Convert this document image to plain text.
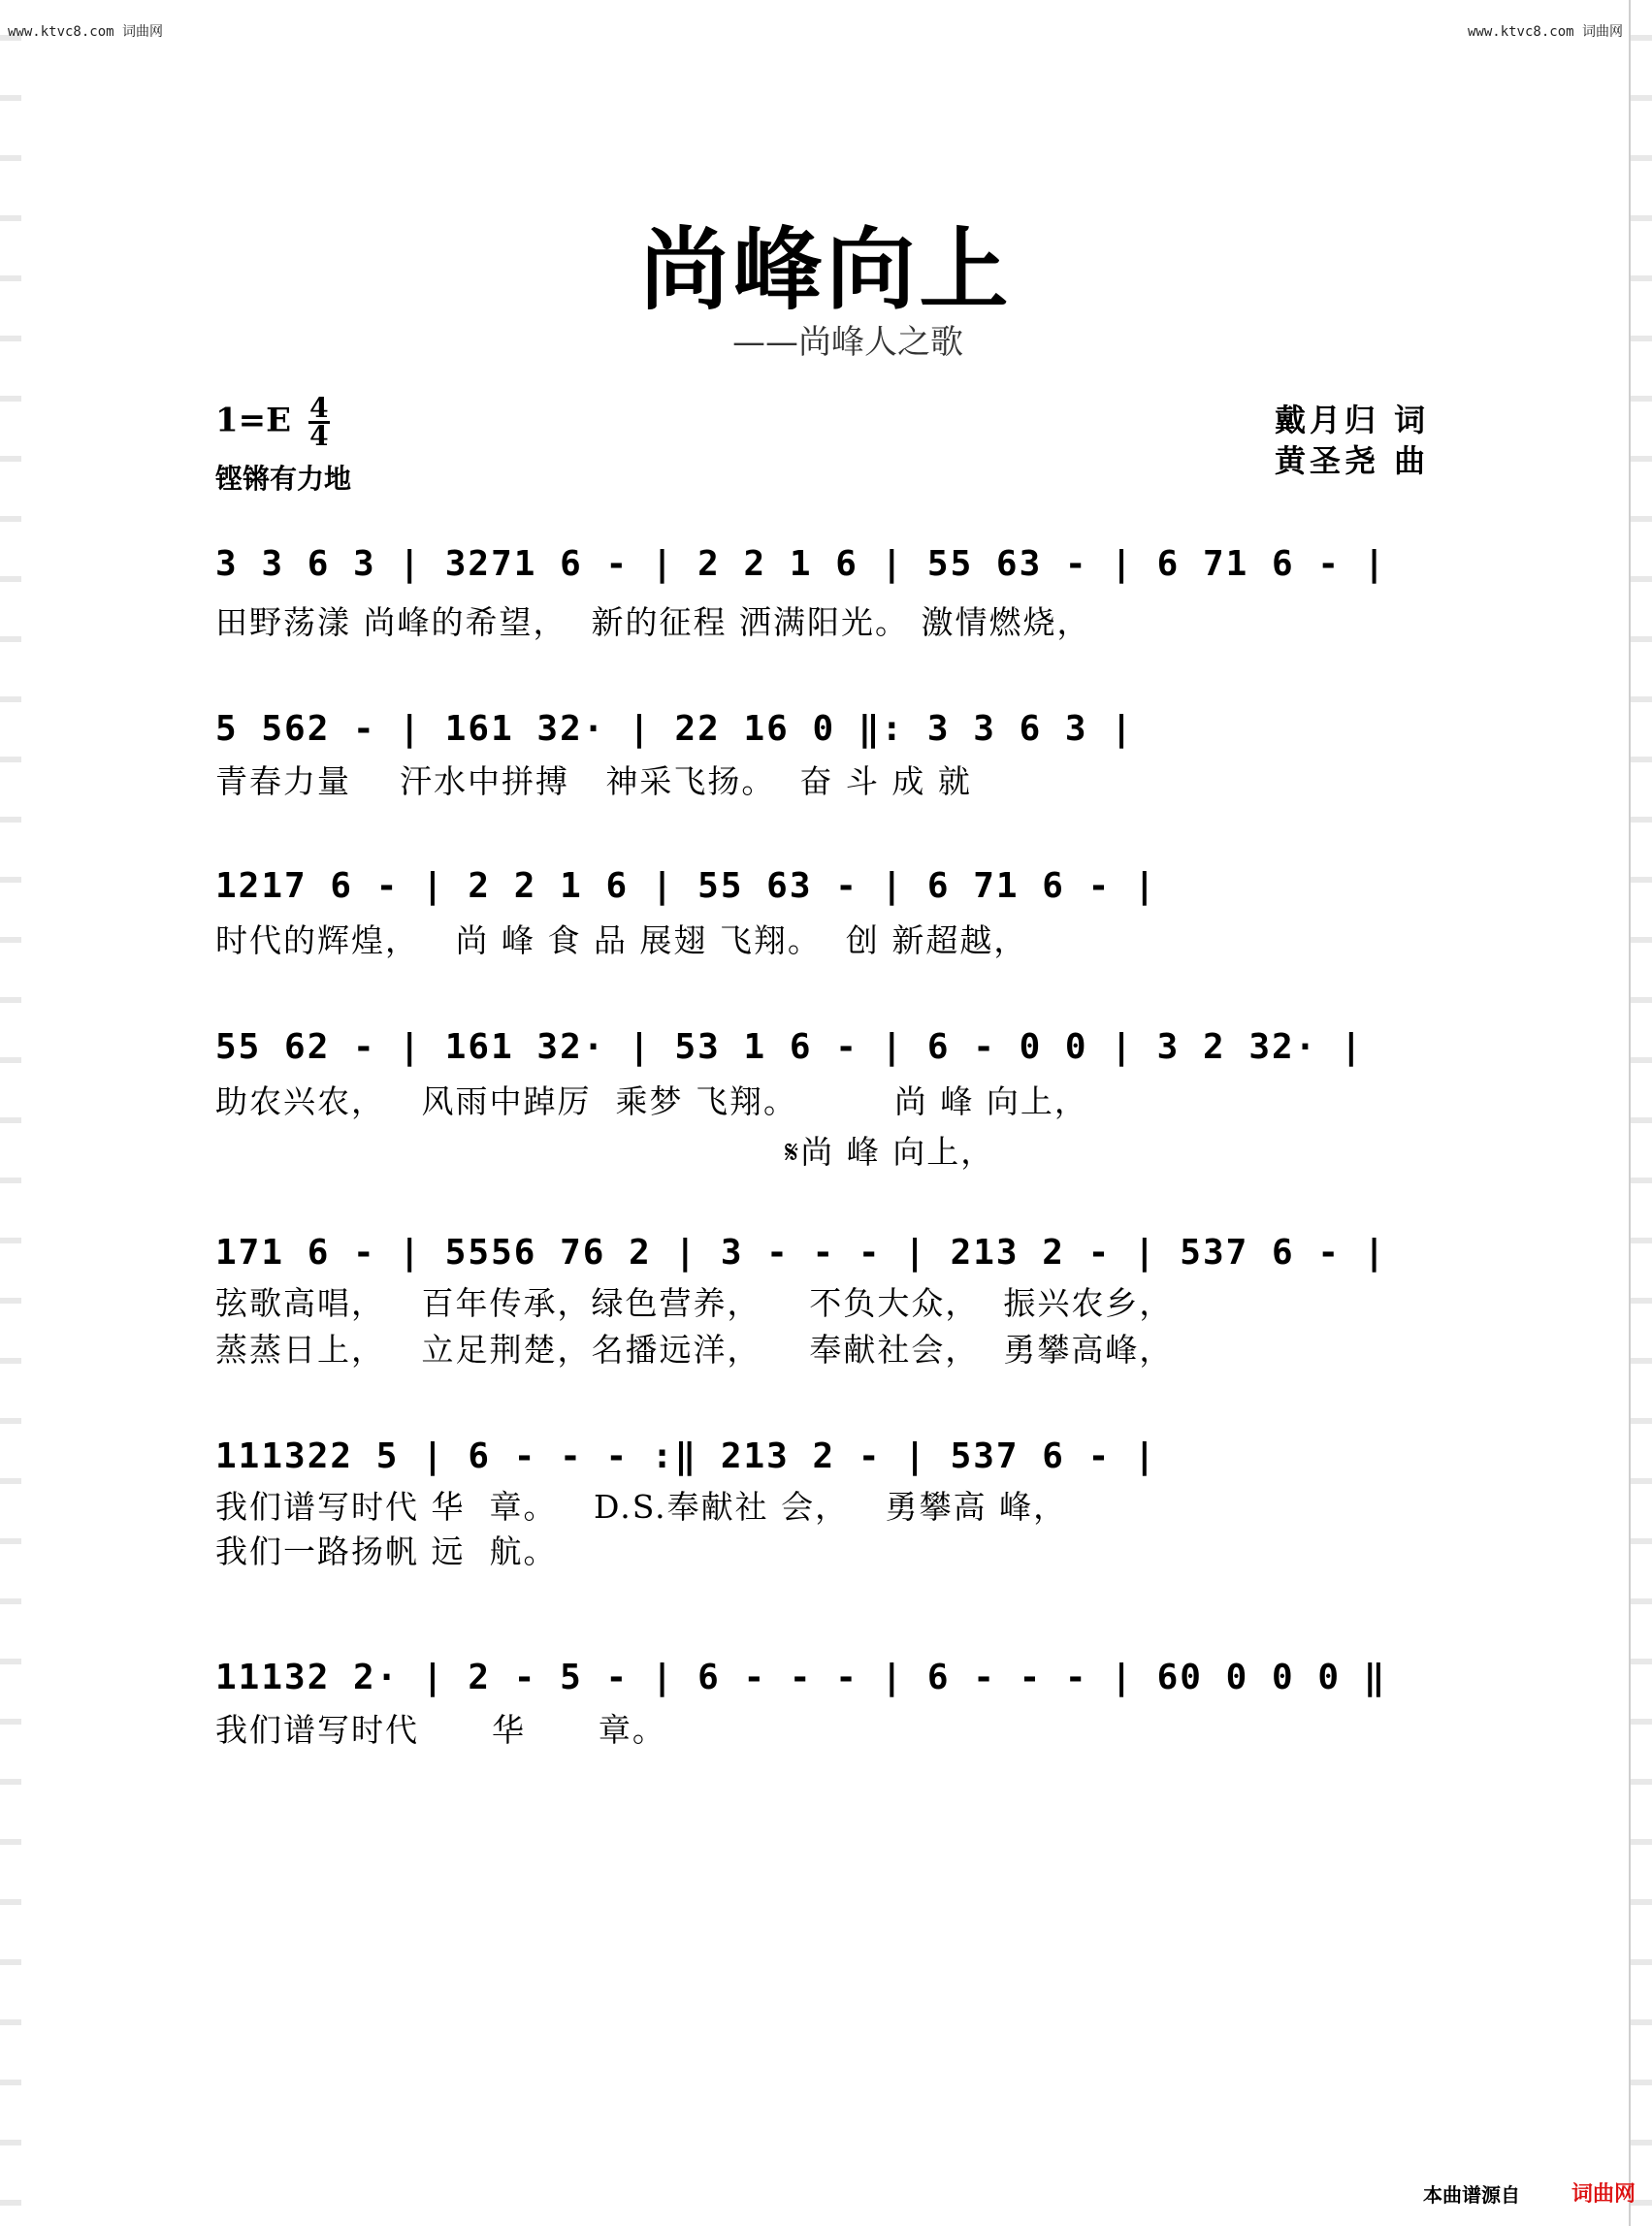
www.ktvc8.com 词曲网	www.ktvc8.com 词曲网
尚峰向上
——尚峰人之歌
$1=E \frac{4}{4}$
铿锵有力地
戴月归 词
黄圣尧 曲
3 3 6 3 | 3271 6 - | 2 2 1 6 | 55 63 - | 6 71 6 - |
田野荡漾 尚峰的希望，  新的征程 洒满阳光。 激情燃烧，
5 562 - | 161 32· | 22 16 0 ‖: 3 3 6 3 |
青春力量    汗水中拼搏   神采飞扬。  奋 斗 成 就
1217 6 - | 2 2 1 6 | 55 63 - | 6 71 6 - |
时代的辉煌，   尚 峰 食 品 展翅 飞翔。  创 新超越，
55 62 - | 161 32· | 53 1 6 - | 6 - 0 0 | 3 2 32· |
助农兴农，   风雨中踔厉  乘梦 飞翔。        尚 峰 向上，
𝄋尚 峰 向上，
171 6 - | 5556 76 2 | 3 - - - | 213 2 - | 537 6 - |
弦歌高唱，   百年传承，绿色营养，    不负大众，  振兴农乡，
蒸蒸日上，   立足荆楚，名播远洋，    奉献社会，  勇攀高峰，
111322 5 | 6 - - - :‖ 213 2 - | 537 6 - |
我们谱写时代 华  章。   D.S.奉献社 会，   勇攀高 峰，
我们一路扬帆 远  航。
11132 2· | 2 - 5 - | 6 - - - | 6 - - - | 60 0 0 0 ‖
我们谱写时代      华      章。
本曲谱源自 词曲网
